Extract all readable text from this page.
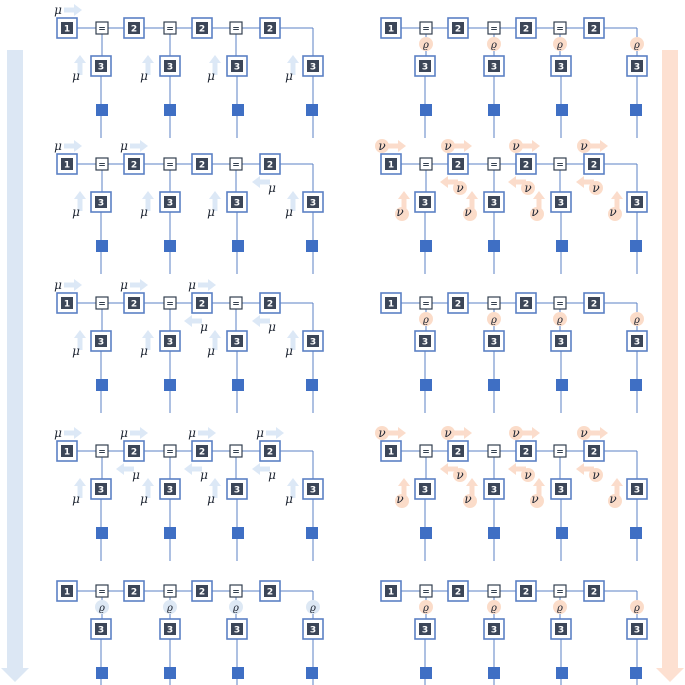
1	2	2	2
=	=	=
3	3	3	3
μ	μ	μ	μ
μ
1	2	2	2
=	=	=
3	3	3	3
μ	μ	μ	μ
μ	μ
μ
1	2	2	2
=	=	=
3	3	3	3
μ	μ	μ	μ
μ	μ	μ
μ	μ
1	2	2	2
=	=	=
3	3	3	3
μ	μ	μ	μ
μ	μ	μ	μ
μ	μ	μ
1	2	2	2
=	=	=
3	3	3	3
ϱ	ϱ	ϱ	ϱ
1	2	2	2
=	=	=
3	3	3	3
ϱ	ϱ	ϱ	ϱ
1	2	2	2
=	=	=
3	3	3	3
ν	ν	ν	ν
ν	ν	ν	ν
ν	ν	ν
1	2	2	2
=	=	=
3	3	3	3
ϱ	ϱ	ϱ	ϱ
1	2	2	2
=	=	=
3	3	3	3
ν	ν	ν	ν
ν	ν	ν	ν
ν	ν	ν
1	2	2	2
=	=	=
3	3	3	3
ϱ	ϱ	ϱ	ϱ
